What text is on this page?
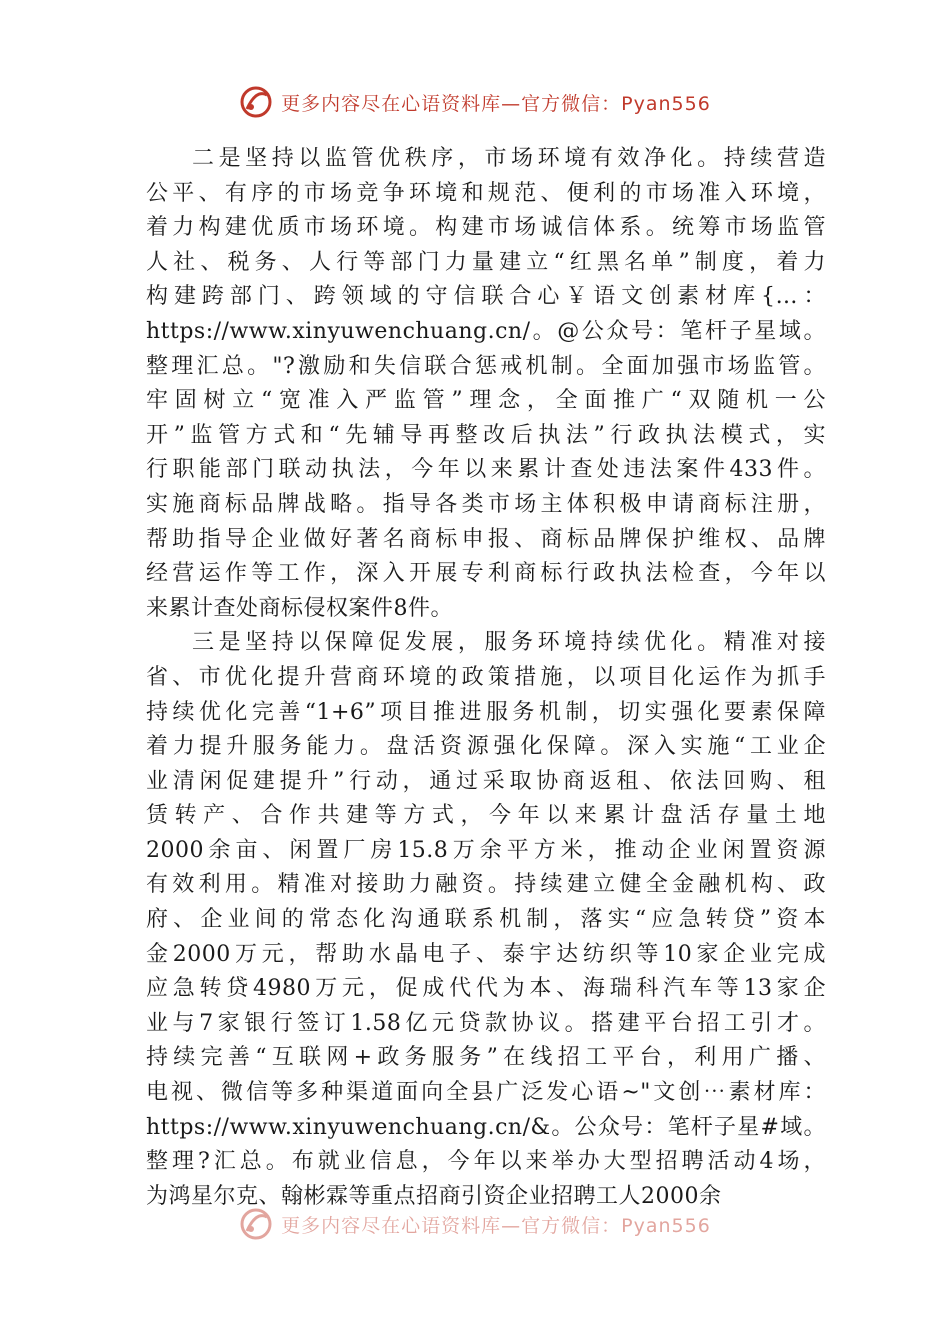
更多内容尽在心语资料库—官方微信：Pyan556
二是坚持以监管优秩序，市场环境有效净化。持续营造
公平、有序的市场竞争环境和规范、便利的市场准入环境，
着力构建优质市场环境。构建市场诚信体系。统筹市场监管
人社、税务、人行等部门力量建立“红黑名单”制度，着力
构建跨部门、跨领域的守信联合心￥语文创素材库{…：
https://www.xinyuwenchuang.cn/。@公众号：笔杆子星域。
整理汇总。"?激励和失信联合惩戒机制。全面加强市场监管。
牢固树立“宽准入严监管”理念，全面推广“双随机一公
开”监管方式和“先辅导再整改后执法”行政执法模式，实
行职能部门联动执法，今年以来累计查处违法案件433件。
实施商标品牌战略。指导各类市场主体积极申请商标注册，
帮助指导企业做好著名商标申报、商标品牌保护维权、品牌
经营运作等工作，深入开展专利商标行政执法检查，今年以
来累计查处商标侵权案件8件。
三是坚持以保障促发展，服务环境持续优化。精准对接
省、市优化提升营商环境的政策措施，以项目化运作为抓手
持续优化完善“1+6”项目推进服务机制，切实强化要素保障
着力提升服务能力。盘活资源强化保障。深入实施“工业企
业清闲促建提升”行动，通过采取协商返租、依法回购、租
赁转产、合作共建等方式，今年以来累计盘活存量土地
2000余亩、闲置厂房15.8万余平方米，推动企业闲置资源
有效利用。精准对接助力融资。持续建立健全金融机构、政
府、企业间的常态化沟通联系机制，落实“应急转贷”资本
金2000万元，帮助水晶电子、泰宇达纺织等10家企业完成
应急转贷4980万元，促成代代为本、海瑞科汽车等13家企
业与7家银行签订1.58亿元贷款协议。搭建平台招工引才。
持续完善“互联网+政务服务”在线招工平台，利用广播、
电视、微信等多种渠道面向全县广泛发心语~"文创⋯素材库：
https://www.xinyuwenchuang.cn/&。公众号：笔杆子星#域。
整理?汇总。布就业信息，今年以来举办大型招聘活动4场，
为鸿星尔克、翰彬霖等重点招商引资企业招聘工人2000余
更多内容尽在心语资料库—官方微信：Pyan556
